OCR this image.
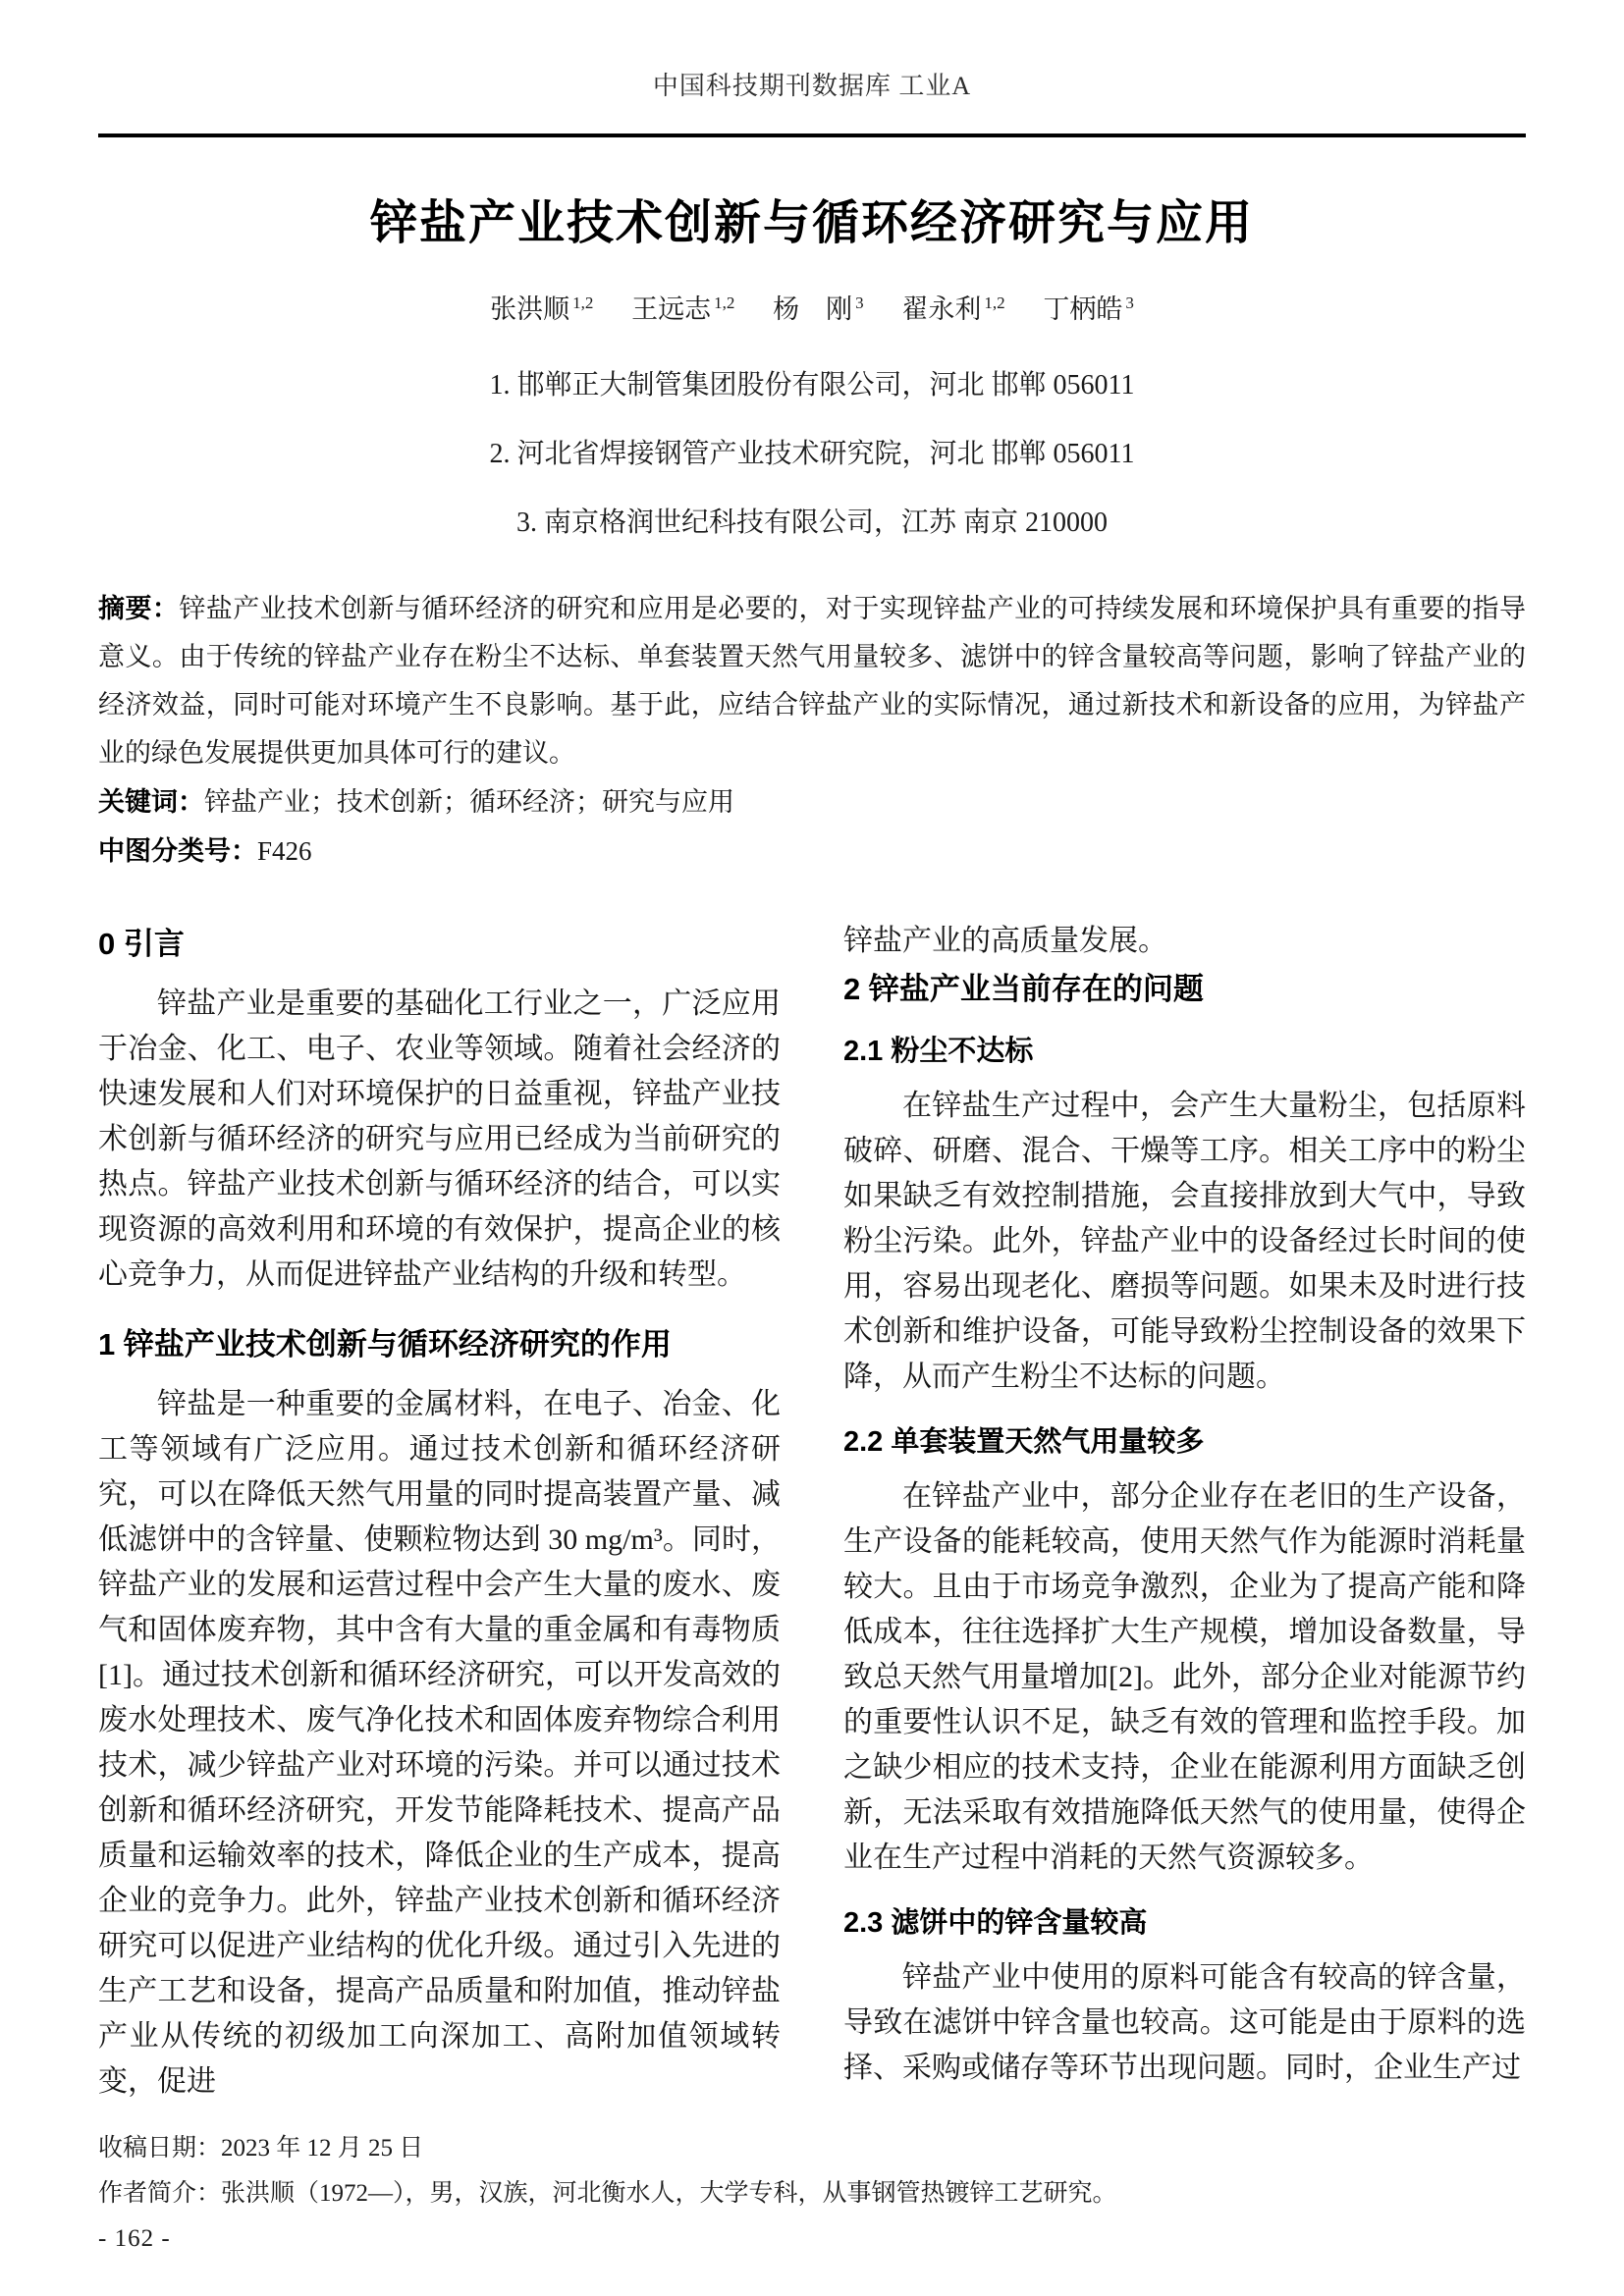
中国科技期刊数据库 工业A
锌盐产业技术创新与循环经济研究与应用
张洪顺 $^{1,2}$ 王远志 $^{1,2}$ 杨　刚 $^3$ 翟永利 $^{1,2}$ 丁柄皓 $^3$
1. 邯郸正大制管集团股份有限公司，河北 邯郸 056011
2. 河北省焊接钢管产业技术研究院，河北 邯郸 056011
3. 南京格润世纪科技有限公司，江苏 南京 210000
摘要：锌盐产业技术创新与循环经济的研究和应用是必要的，对于实现锌盐产业的可持续发展和环境保护具有重要的指导意义。由于传统的锌盐产业存在粉尘不达标、单套装置天然气用量较多、滤饼中的锌含量较高等问题，影响了锌盐产业的经济效益，同时可能对环境产生不良影响。基于此，应结合锌盐产业的实际情况，通过新技术和新设备的应用，为锌盐产业的绿色发展提供更加具体可行的建议。
关键词：锌盐产业；技术创新；循环经济；研究与应用
中图分类号：F426
0 引言

锌盐产业是重要的基础化工行业之一，广泛应用于冶金、化工、电子、农业等领域。随着社会经济的快速发展和人们对环境保护的日益重视，锌盐产业技术创新与循环经济的研究与应用已经成为当前研究的热点。锌盐产业技术创新与循环经济的结合，可以实现资源的高效利用和环境的有效保护，提高企业的核心竞争力，从而促进锌盐产业结构的升级和转型。

1 锌盐产业技术创新与循环经济研究的作用

锌盐是一种重要的金属材料，在电子、冶金、化工等领域有广泛应用。通过技术创新和循环经济研究，可以在降低天然气用量的同时提高装置产量、减低滤饼中的含锌量、使颗粒物达到 30 mg/m³。同时，锌盐产业的发展和运营过程中会产生大量的废水、废气和固体废弃物，其中含有大量的重金属和有毒物质[1]。通过技术创新和循环经济研究，可以开发高效的废水处理技术、废气净化技术和固体废弃物综合利用技术，减少锌盐产业对环境的污染。并可以通过技术创新和循环经济研究，开发节能降耗技术、提高产品质量和运输效率的技术，降低企业的生产成本，提高企业的竞争力。此外，锌盐产业技术创新和循环经济研究可以促进产业结构的优化升级。通过引入先进的生产工艺和设备，提高产品质量和附加值，推动锌盐产业从传统的初级加工向深加工、高附加值领域转变，促进

锌盐产业的高质量发展。

2 锌盐产业当前存在的问题
2.1 粉尘不达标

在锌盐生产过程中，会产生大量粉尘，包括原料破碎、研磨、混合、干燥等工序。相关工序中的粉尘如果缺乏有效控制措施，会直接排放到大气中，导致粉尘污染。此外，锌盐产业中的设备经过长时间的使用，容易出现老化、磨损等问题。如果未及时进行技术创新和维护设备，可能导致粉尘控制设备的效果下降，从而产生粉尘不达标的问题。

2.2 单套装置天然气用量较多

在锌盐产业中，部分企业存在老旧的生产设备，生产设备的能耗较高，使用天然气作为能源时消耗量较大。且由于市场竞争激烈，企业为了提高产能和降低成本，往往选择扩大生产规模，增加设备数量，导致总天然气用量增加[2]。此外，部分企业对能源节约的重要性认识不足，缺乏有效的管理和监控手段。加之缺少相应的技术支持，企业在能源利用方面缺乏创新，无法采取有效措施降低天然气的使用量，使得企业在生产过程中消耗的天然气资源较多。

2.3 滤饼中的锌含量较高

锌盐产业中使用的原料可能含有较高的锌含量，导致在滤饼中锌含量也较高。这可能是由于原料的选择、采购或储存等环节出现问题。同时，企业生产过

收稿日期：2023 年 12 月 25 日
作者简介：张洪顺（1972—），男，汉族，河北衡水人，大学专科，从事钢管热镀锌工艺研究。
- 162 -
